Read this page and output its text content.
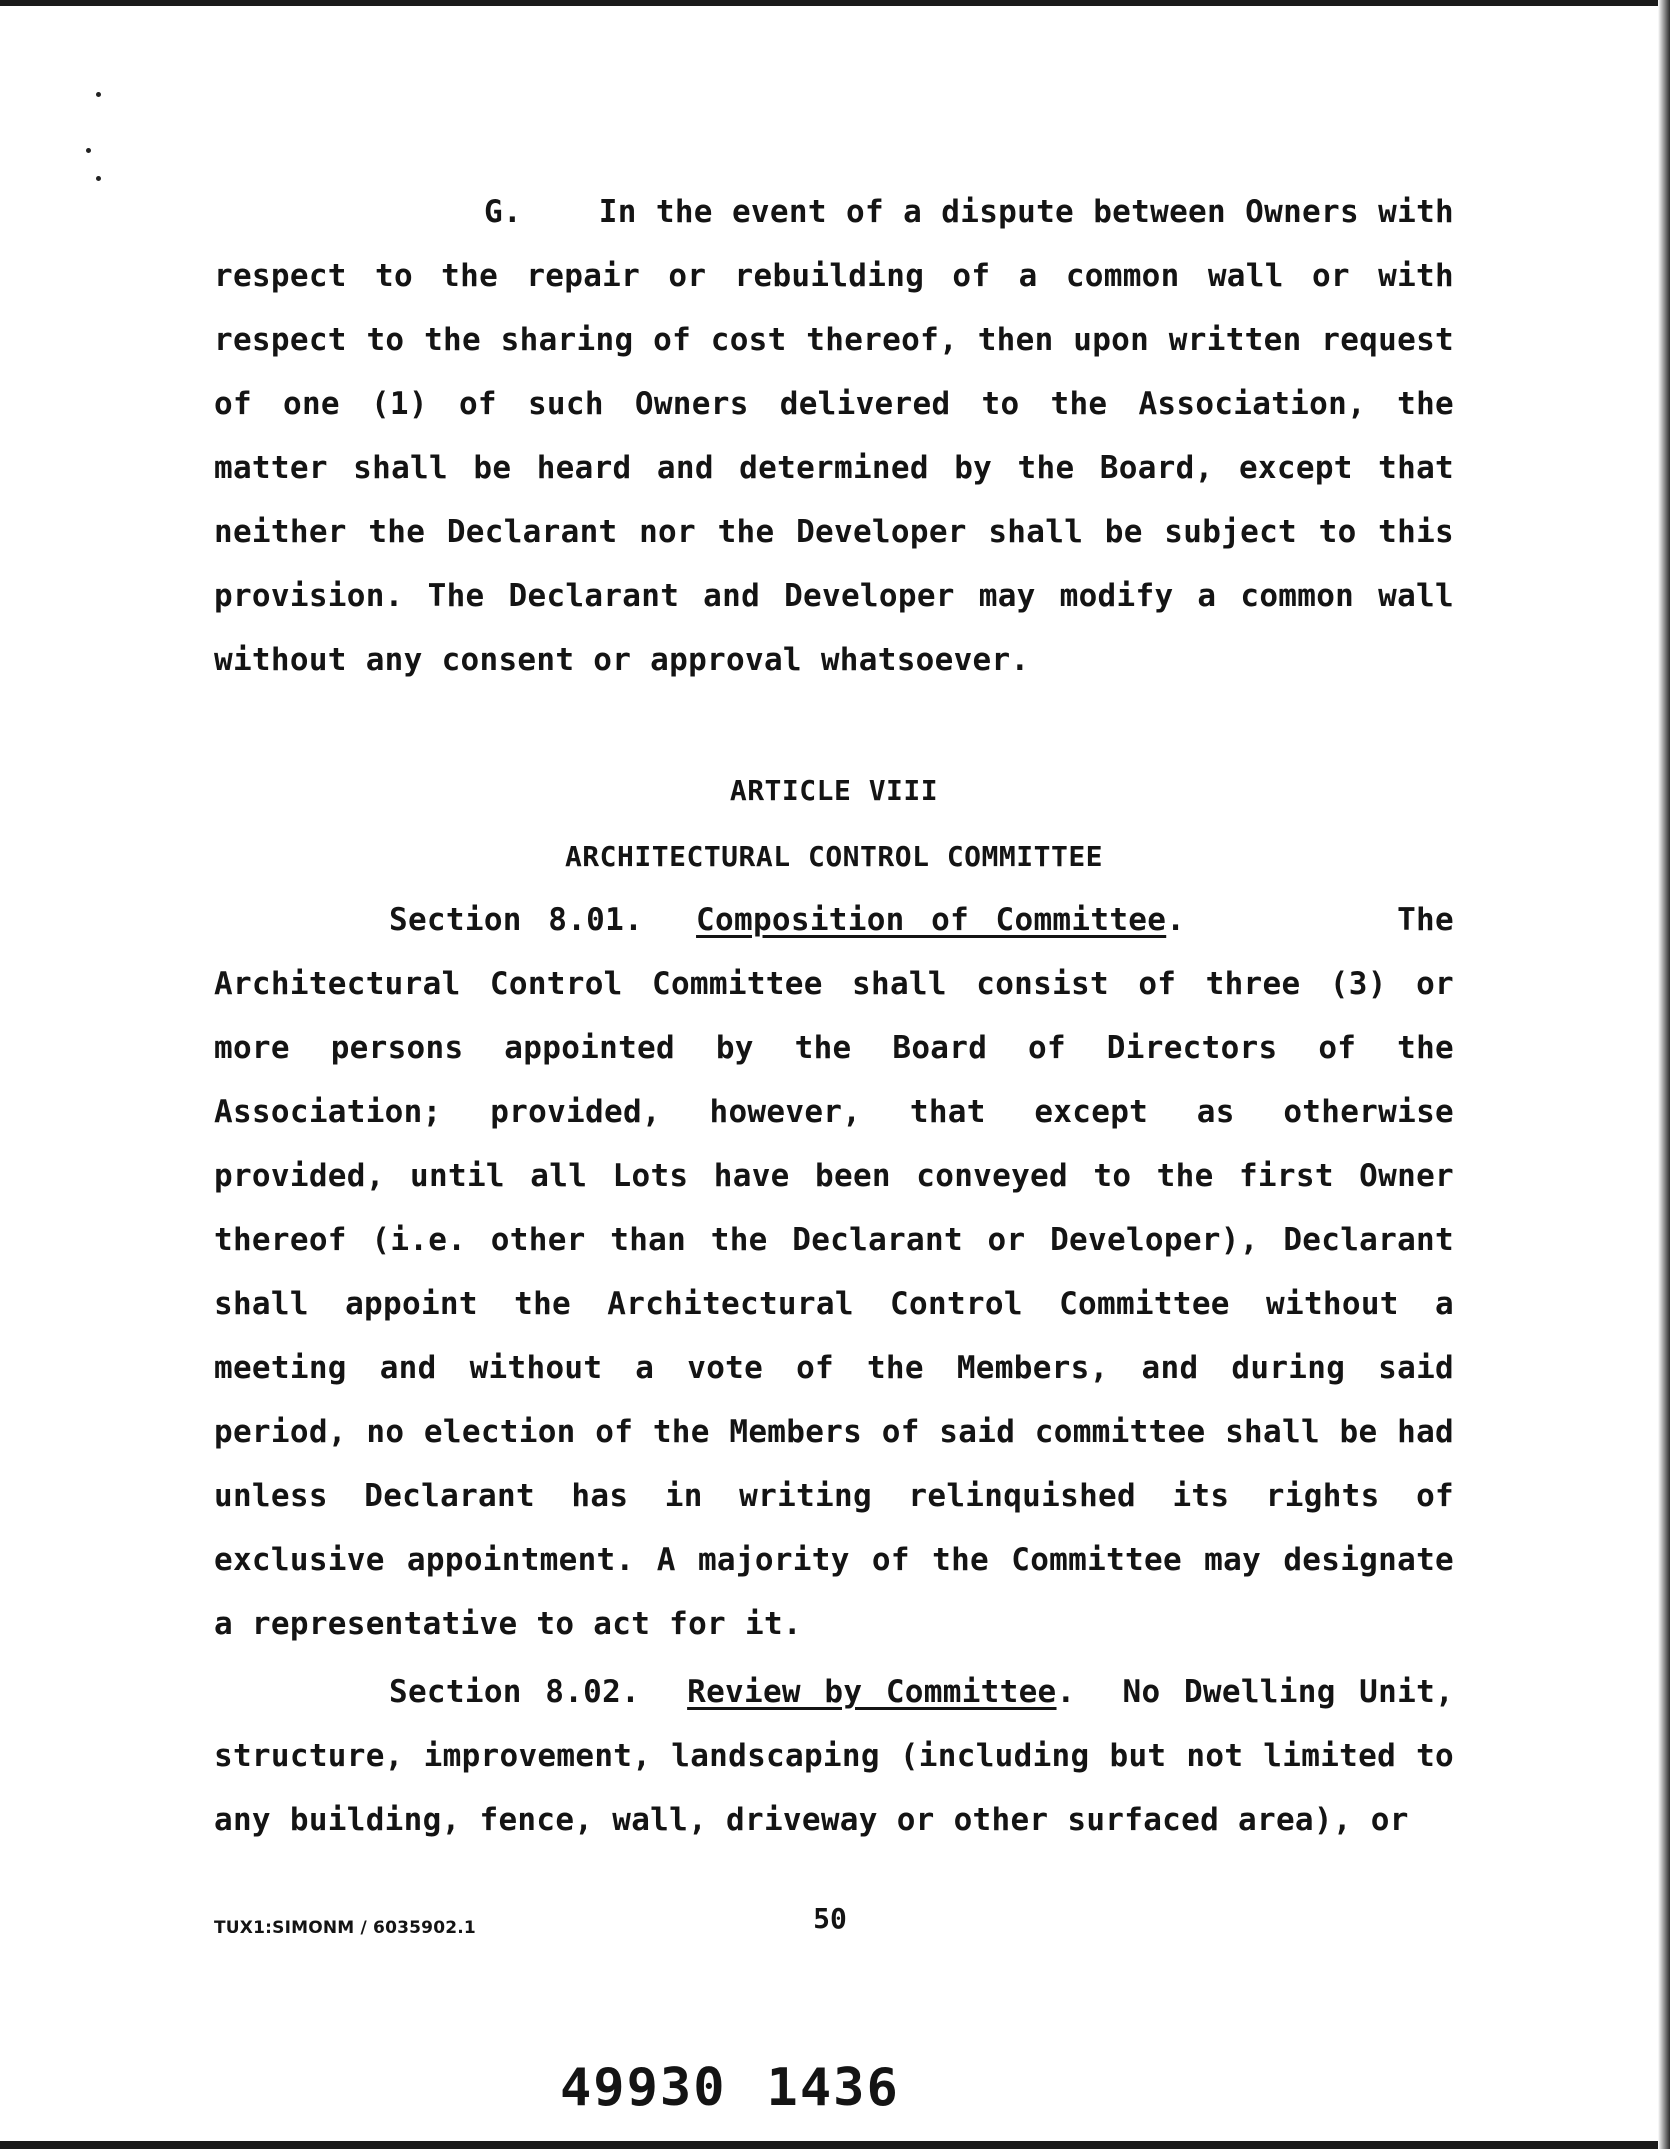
G. In the event of a dispute between Owners with respect to the repair or rebuilding of a common wall or with respect to the sharing of cost thereof, then upon written request of one (1) of such Owners delivered to the Association, the matter shall be heard and determined by the Board, except that neither the Declarant nor the Developer shall be subject to this provision. The Declarant and Developer may modify a common wall without any consent or approval whatsoever.

ARTICLE VIII
ARCHITECTURAL CONTROL COMMITTEE

Section 8.01. Composition of Committee.        The Architectural Control Committee shall consist of three (3) or more persons appointed by the Board of Directors of the Association; provided, however, that except as otherwise provided, until all Lots have been conveyed to the first Owner thereof (i.e. other than the Declarant or Developer), Declarant shall appoint the Architectural Control Committee without a meeting and without a vote of the Members, and during said period, no election of the Members of said committee shall be had unless Declarant has in writing relinquished its rights of exclusive appointment. A majority of the Committee may designate a representative to act for it.

Section 8.02. Review by Committee.  No Dwelling Unit, structure, improvement, landscaping (including but not limited to any building, fence, wall, driveway or other surfaced area), or

TUX1:SIMONM / 6035902.1	50
49930 1436
